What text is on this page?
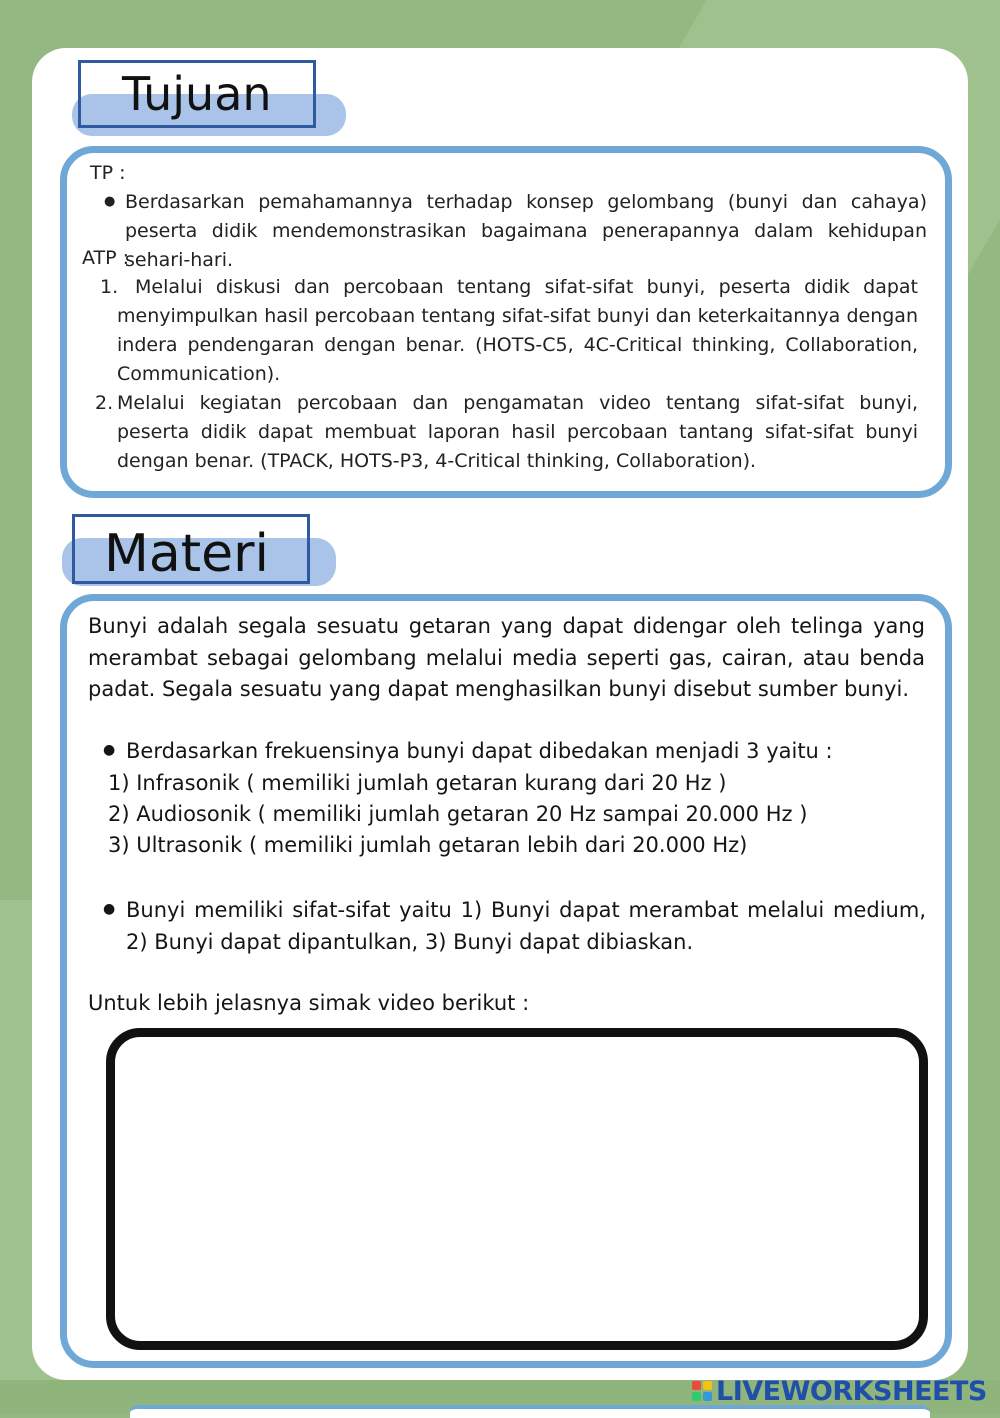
Tujuan
TP :
● Berdasarkan pemahamannya terhadap konsep gelombang (bunyi dan cahaya) peserta didik mendemonstrasikan bagaimana penerapannya dalam kehidupan sehari-hari.
ATP :
1. Melalui diskusi dan percobaan tentang sifat-sifat bunyi, peserta didik dapat menyimpulkan hasil percobaan tentang sifat-sifat bunyi dan keterkaitannya dengan indera pendengaran dengan benar. (HOTS-C5, 4C-Critical thinking, Collaboration, Communication).
2. Melalui kegiatan percobaan dan pengamatan video tentang sifat-sifat bunyi, peserta didik dapat membuat laporan hasil percobaan tantang sifat-sifat bunyi dengan benar. (TPACK, HOTS-P3, 4-Critical thinking, Collaboration).
Materi
Bunyi adalah segala sesuatu getaran yang dapat didengar oleh telinga yang merambat sebagai gelombang melalui media seperti gas, cairan, atau benda padat. Segala sesuatu yang dapat menghasilkan bunyi disebut sumber bunyi.
● Berdasarkan frekuensinya bunyi dapat dibedakan menjadi 3 yaitu :
1) Infrasonik ( memiliki jumlah getaran kurang dari 20 Hz )
2) Audiosonik ( memiliki jumlah getaran 20 Hz sampai 20.000 Hz )
3) Ultrasonik ( memiliki jumlah getaran lebih dari 20.000 Hz)
● Bunyi memiliki sifat-sifat yaitu 1) Bunyi dapat merambat melalui medium, 2) Bunyi dapat dipantulkan, 3) Bunyi dapat dibiaskan.
Untuk lebih jelasnya simak video berikut :
LIVEWORKSHEETS
